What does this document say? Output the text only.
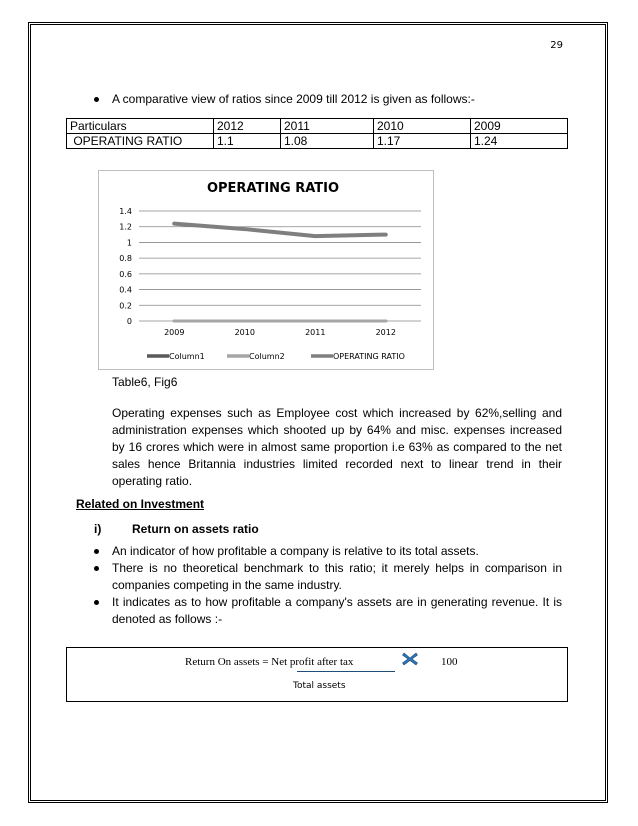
29
A comparative view of ratios since 2009 till 2012 is given as follows:-
Particulars	2012	2011	2010	2009
OPERATING RATIO	1.1	1.08	1.17	1.24
OPERATING RATIO
0
0.2
0.4
0.6
0.8
1
1.2
1.4
2009	2010	2011	2012
Column1	Column2	OPERATING RATIO
Table6, Fig6
Operating expenses such as Employee cost which increased by 62%,selling and administration expenses which shooted up by 64% and misc. expenses increased by 16 crores which were in almost same proportion i.e 63% as compared to the net sales hence Britannia industries limited recorded next to linear trend in their operating ratio.
Related on Investment
i)	Return on assets ratio
An indicator of how profitable a company is relative to its total assets.
There is no theoretical benchmark to this ratio; it merely helps in comparison in companies competing in the same industry.
It indicates as to how profitable a company's assets are in generating revenue. It is denoted as follows :-
Return On assets = Net profit after tax	100
Total assets
